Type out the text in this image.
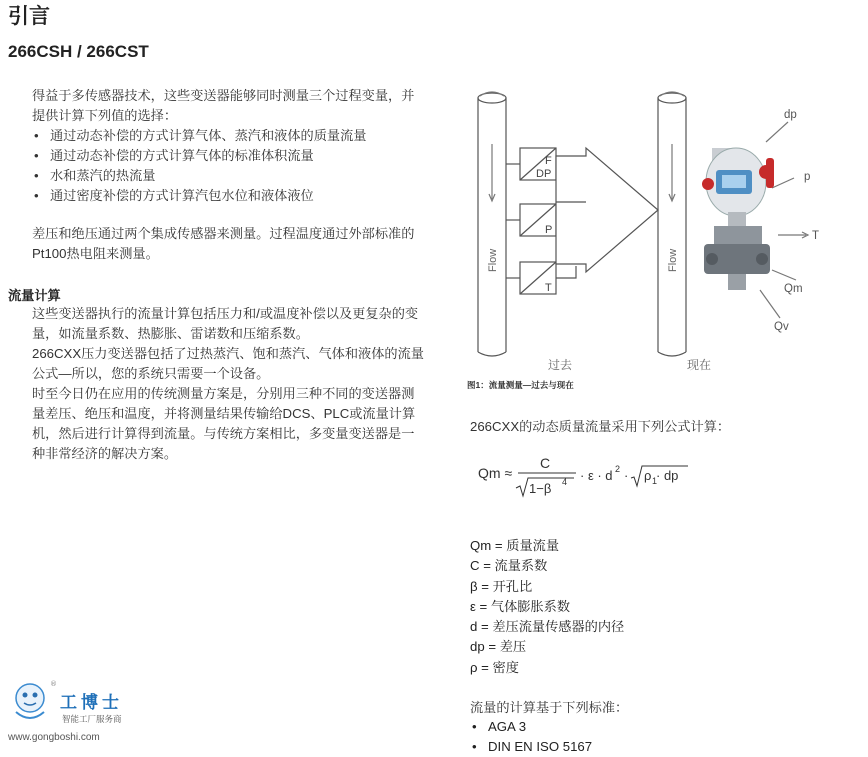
引言
266CSH / 266CST
得益于多传感器技术，这些变送器能够同时测量三个过程变量，并提供计算下列值的选择：
• 通过动态补偿的方式计算气体、蒸汽和液体的质量流量
• 通过动态补偿的方式计算气体的标准体积流量
• 水和蒸汽的热流量
• 通过密度补偿的方式计算汽包水位和液体液位
差压和绝压通过两个集成传感器来测量。过程温度通过外部标准的Pt100热电阻来测量。
流量计算
这些变送器执行的流量计算包括压力和/或温度补偿以及更复杂的变量，如流量系数、热膨胀、雷诺数和压缩系数。
266CXX压力变送器包括了过热蒸汽、饱和蒸汽、气体和液体的流量公式—所以，您的系统只需要一个设备。
时至今日仍在应用的传统测量方案是，分别用三种不同的变送器测量差压、绝压和温度，并将测量结果传输给DCS、PLC或流量计算机，然后进行计算得到流量。与传统方案相比，多变量变送器是一种非常经济的解决方案。
Flow	Flow
F
DP
P
T
dp
p
T
Qm
Qv
过去	现在
图1：流量测量—过去与现在
266CXX的动态质量流量采用下列公式计算：
Qm ≈
C
1−β 4 · ε · d 2 · ρ 1
· dp
Qm = 质量流量
C = 流量系数
β = 开孔比
ε = 气体膨胀系数
d = 差压流量传感器的内径
dp = 差压
ρ = 密度
流量的计算基于下列标准：
• AGA 3
• DIN EN ISO 5167
®
工博士
智能工厂服务商
www.gongboshi.com
